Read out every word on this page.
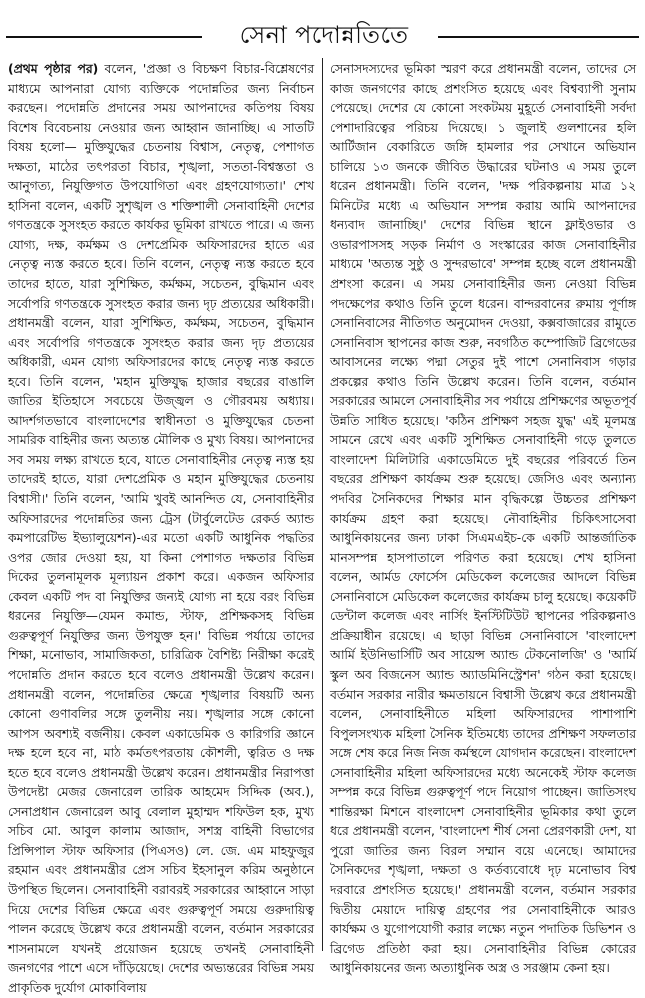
সেনা পদোন্নতিতে

(প্রথম পৃষ্ঠার পর) বলেন, 'প্রজ্ঞা ও বিচক্ষণ বিচার-বিশ্লেষণের মাধ্যমে আপনারা যোগ্য ব্যক্তিকে পদোন্নতির জন্য নির্বাচন করছেন। পদোন্নতি প্রদানের সময় আপনাদের কতিপয় বিষয় বিশেষ বিবেচনায় নেওয়ার জন্য আহ্বান জানাচ্ছি। এ সাতটি বিষয় হলো— মুক্তিযুদ্ধের চেতনায় বিশ্বাস, নেতৃত্ব, পেশাগত দক্ষতা, মাঠের তৎপরতা বিচার, শৃঙ্খলা, সততা-বিশ্বস্ততা ও আনুগত্য, নিযুক্তিগত উপযোগিতা এবং গ্রহণযোগ্যতা।' শেখ হাসিনা বলেন, একটি সুশৃঙ্খল ও শক্তিশালী সেনাবাহিনী দেশের গণতন্ত্রকে সুসংহত করতে কার্যকর ভূমিকা রাখতে পারে। এ জন্য যোগ্য, দক্ষ, কর্মক্ষম ও দেশপ্রেমিক অফিসারদের হাতে এর নেতৃত্ব ন্যস্ত করতে হবে। তিনি বলেন, নেতৃত্ব ন্যস্ত করতে হবে তাদের হাতে, যারা সুশিক্ষিত, কর্মক্ষম, সচেতন, বুদ্ধিমান এবং সর্বোপরি গণতন্ত্রকে সুসংহত করার জন্য দৃঢ় প্রত্যয়ের অধিকারী। প্রধানমন্ত্রী বলেন, যারা সুশিক্ষিত, কর্মক্ষম, সচেতন, বুদ্ধিমান এবং সর্বোপরি গণতন্ত্রকে সুসংহত করার জন্য দৃঢ় প্রত্যয়ের অধিকারী, এমন যোগ্য অফিসারদের কাছে নেতৃত্ব ন্যস্ত করতে হবে। তিনি বলেন, 'মহান মুক্তিযুদ্ধ হাজার বছরের বাঙালি জাতির ইতিহাসে সবচেয়ে উজ্জ্বল ও গৌরবময় অধ্যায়। আদর্শগতভাবে বাংলাদেশের স্বাধীনতা ও মুক্তিযুদ্ধের চেতনা সামরিক বাহিনীর জন্য অত্যন্ত মৌলিক ও মুখ্য বিষয়। আপনাদের সব সময় লক্ষ্য রাখতে হবে, যাতে সেনাবাহিনীর নেতৃত্ব ন্যস্ত হয় তাদেরই হাতে, যারা দেশপ্রেমিক ও মহান মুক্তিযুদ্ধের চেতনায় বিশ্বাসী।' তিনি বলেন, 'আমি খুবই আনন্দিত যে, সেনাবাহিনীর অফিসারদের পদোন্নতির জন্য ট্রেস (টার্বুলেটেড রেকর্ড অ্যান্ড কমপারেটিভ ইভ্যালুয়েশন)-এর মতো একটি আধুনিক পদ্ধতির ওপর জোর দেওয়া হয়, যা কিনা পেশাগত দক্ষতার বিভিন্ন দিকের তুলনামূলক মূল্যায়ন প্রকাশ করে। একজন অফিসার কেবল একটি পদ বা নিযুক্তির জন্যই যোগ্য না হয়ে বরং বিভিন্ন ধরনের নিযুক্তি—যেমন কমান্ড, স্টাফ, প্রশিক্ষকসহ বিভিন্ন গুরুত্বপূর্ণ নিযুক্তির জন্য উপযুক্ত হন।' বিভিন্ন পর্যায়ে তাদের শিক্ষা, মনোভাব, সামাজিকতা, চারিত্রিক বৈশিষ্ট্য নিরীক্ষা করেই পদোন্নতি প্রদান করতে হবে বলেও প্রধানমন্ত্রী উল্লেখ করেন। প্রধানমন্ত্রী বলেন, পদোন্নতির ক্ষেত্রে শৃঙ্খলার বিষয়টি অন্য কোনো গুণাবলির সঙ্গে তুলনীয় নয়। শৃঙ্খলার সঙ্গে কোনো আপস অবশ্যই বর্জনীয়। কেবল একাডেমিক ও কারিগরি জ্ঞানে দক্ষ হলে হবে না, মাঠ কর্মতৎপরতায় কৌশলী, ত্বরিত ও দক্ষ হতে হবে বলেও প্রধানমন্ত্রী উল্লেখ করেন। প্রধানমন্ত্রীর নিরাপত্তা উপদেষ্টা মেজর জেনারেল তারিক আহমেদ সিদ্দিক (অব.), সেনাপ্রধান জেনারেল আবু বেলাল মুহাম্মদ শফিউল হক, মুখ্য সচিব মো. আবুল কালাম আজাদ, সশস্ত্র বাহিনী বিভাগের প্রিন্সিপাল স্টাফ অফিসার (পিএসও) লে. জে. এম মাহফুজুর রহমান এবং প্রধানমন্ত্রীর প্রেস সচিব ইহসানুল করিম অনুষ্ঠানে উপস্থিত ছিলেন। সেনাবাহিনী বরাবরই সরকারের আহ্বানে সাড়া দিয়ে দেশের বিভিন্ন ক্ষেত্রে এবং গুরুত্বপূর্ণ সময়ে গুরুদায়িত্ব পালন করেছে উল্লেখ করে প্রধানমন্ত্রী বলেন, বর্তমান সরকারের শাসনামলে যখনই প্রয়োজন হয়েছে তখনই সেনাবাহিনী জনগণের পাশে এসে দাঁড়িয়েছে। দেশের অভ্যন্তরের বিভিন্ন সময় প্রাকৃতিক দুর্যোগ মোকাবিলায়

সেনাসদস্যদের ভূমিকা স্মরণ করে প্রধানমন্ত্রী বলেন, তাদের সে কাজ জনগণের কাছে প্রশংসিত হয়েছে এবং বিশ্বব্যাপী সুনাম পেয়েছে। দেশের যে কোনো সংকটময় মুহূর্তে সেনাবাহিনী সর্বদা পেশাদারিত্বের পরিচয় দিয়েছে। ১ জুলাই গুলশানের হলি আর্টিজান বেকারিতে জঙ্গি হামলার পর সেখানে অভিযান চালিয়ে ১৩ জনকে জীবিত উদ্ধারের ঘটনাও এ সময় তুলে ধরেন প্রধানমন্ত্রী। তিনি বলেন, 'দক্ষ পরিকল্পনায় মাত্র ১২ মিনিটের মধ্যে এ অভিযান সম্পন্ন করায় আমি আপনাদের ধন্যবাদ জানাচ্ছি।' দেশের বিভিন্ন স্থানে ফ্লাইওভার ও ওভারপাসসহ সড়ক নির্মাণ ও সংস্কারের কাজ সেনাবাহিনীর মাধ্যমে 'অত্যন্ত সুষ্ঠু ও সুন্দরভাবে' সম্পন্ন হচ্ছে বলে প্রধানমন্ত্রী প্রশংসা করেন। এ সময় সেনাবাহিনীর জন্য নেওয়া বিভিন্ন পদক্ষেপের কথাও তিনি তুলে ধরেন। বান্দরবানের রুমায় পূর্ণাঙ্গ সেনানিবাসের নীতিগত অনুমোদন দেওয়া, কক্সবাজারের রামুতে সেনানিবাস স্থাপনের কাজ শুরু, নবগঠিত কম্পোজিট ব্রিগেডের আবাসনের লক্ষ্যে পদ্মা সেতুর দুই পাশে সেনানিবাস গড়ার প্রকল্পের কথাও তিনি উল্লেখ করেন। তিনি বলেন, বর্তমান সরকারের আমলে সেনাবাহিনীর সব পর্যায়ে প্রশিক্ষণের অভূতপূর্ব উন্নতি সাধিত হয়েছে। 'কঠিন প্রশিক্ষণ সহজ যুদ্ধ' এই মূলমন্ত্র সামনে রেখে এবং একটি সুশিক্ষিত সেনাবাহিনী গড়ে তুলতে বাংলাদেশ মিলিটারি একাডেমিতে দুই বছরের পরিবর্তে তিন বছরের প্রশিক্ষণ কার্যক্রম শুরু হয়েছে। জেসিও এবং অন্যান্য পদবির সৈনিকদের শিক্ষার মান বৃদ্ধিকল্পে উচ্চতর প্রশিক্ষণ কার্যক্রম গ্রহণ করা হয়েছে। নৌবাহিনীর চিকিৎসাসেবা আধুনিকায়নের জন্য ঢাকা সিএমএইচ-কে একটি আন্তর্জাতিক মানসম্পন্ন হাসপাতালে পরিণত করা হয়েছে। শেখ হাসিনা বলেন, আর্মড ফোর্সেস মেডিকেল কলেজের আদলে বিভিন্ন সেনানিবাসে মেডিকেল কলেজের কার্যক্রম চালু হয়েছে। কয়েকটি ডেন্টাল কলেজ এবং নার্সিং ইনস্টিটিউট স্থাপনের পরিকল্পনাও প্রক্রিয়াধীন রয়েছে। এ ছাড়া বিভিন্ন সেনানিবাসে 'বাংলাদেশ আর্মি ইউনিভার্সিটি অব সায়েন্স অ্যান্ড টেকনোলজি' ও 'আর্মি স্কুল অব বিজনেস অ্যান্ড অ্যাডমিনিস্ট্রেশন' গঠন করা হয়েছে। বর্তমান সরকার নারীর ক্ষমতায়নে বিশ্বাসী উল্লেখ করে প্রধানমন্ত্রী বলেন, সেনাবাহিনীতে মহিলা অফিসারদের পাশাপাশি বিপুলসংখ্যক মহিলা সৈনিক ইতিমধ্যে তাদের প্রশিক্ষণ সফলতার সঙ্গে শেষ করে নিজ নিজ কর্মস্থলে যোগদান করেছেন। বাংলাদেশ সেনাবাহিনীর মহিলা অফিসারদের মধ্যে অনেকেই স্টাফ কলেজ সম্পন্ন করে বিভিন্ন গুরুত্বপূর্ণ পদে নিয়োগ পাচ্ছেন। জাতিসংঘ শান্তিরক্ষা মিশনে বাংলাদেশ সেনাবাহিনীর ভূমিকার কথা তুলে ধরে প্রধানমন্ত্রী বলেন, 'বাংলাদেশ শীর্ষ সেনা প্রেরণকারী দেশ, যা পুরো জাতির জন্য বিরল সম্মান বয়ে এনেছে। আমাদের সৈনিকদের শৃঙ্খলা, দক্ষতা ও কর্তব্যবোধে দৃঢ় মনোভাব বিশ্ব দরবারে প্রশংসিত হয়েছে।' প্রধানমন্ত্রী বলেন, বর্তমান সরকার দ্বিতীয় মেয়াদে দায়িত্ব গ্রহণের পর সেনাবাহিনীকে আরও কার্যক্ষম ও যুগোপযোগী করার লক্ষ্যে নতুন পদাতিক ডিভিশন ও ব্রিগেড প্রতিষ্ঠা করা হয়। সেনাবাহিনীর বিভিন্ন কোরের আধুনিকায়নের জন্য অত্যাধুনিক অস্ত্র ও সরঞ্জাম কেনা হয়।
